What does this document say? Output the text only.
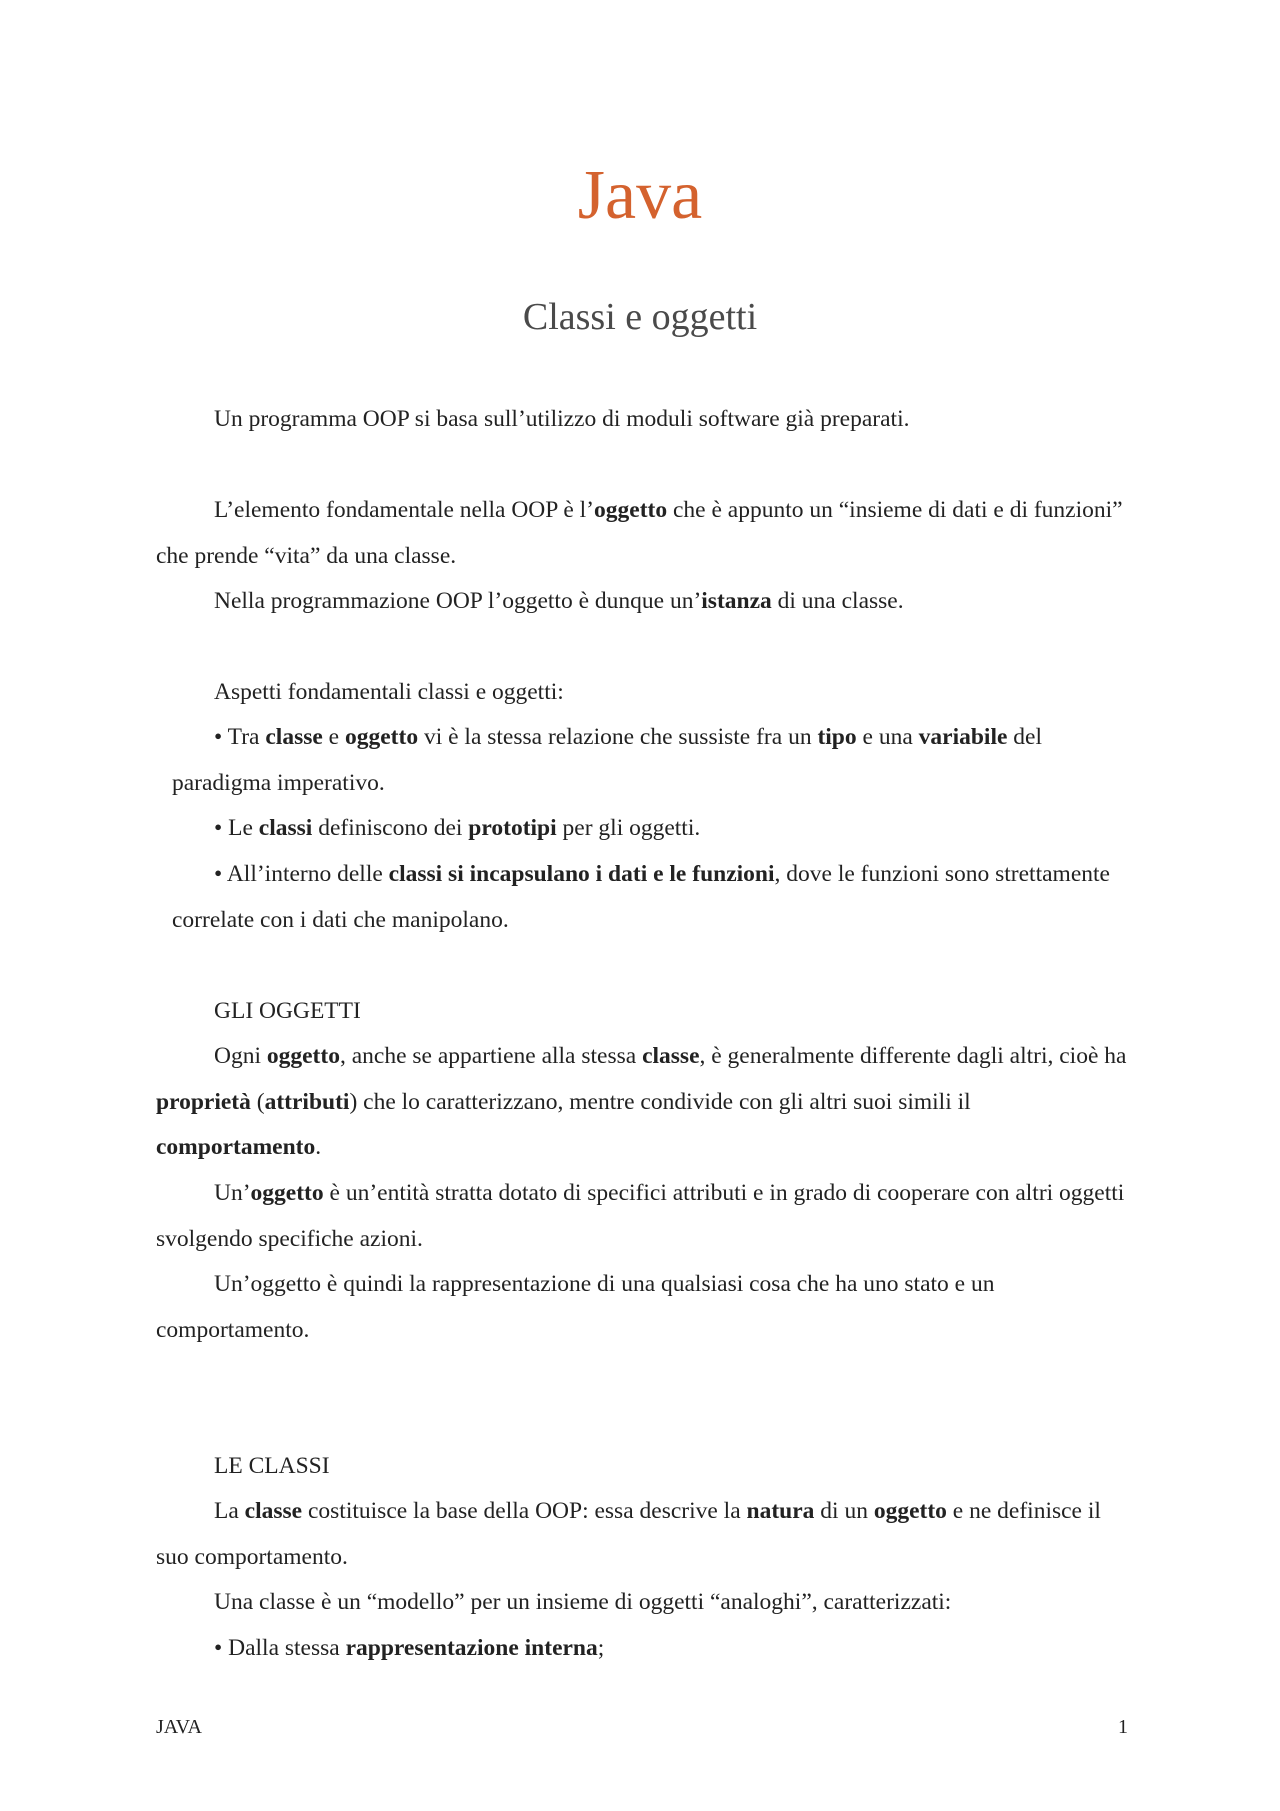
Java
Classi e oggetti

Un programma OOP si basa sull’utilizzo di moduli software già preparati.

L’elemento fondamentale nella OOP è l’oggetto che è appunto un “insieme di dati e di funzioni” che prende “vita” da una classe.

Nella programmazione OOP l’oggetto è dunque un’istanza di una classe.

Aspetti fondamentali classi e oggetti:

• Tra classe e oggetto vi è la stessa relazione che sussiste fra un tipo e una variabile del paradigma imperativo.

• Le classi definiscono dei prototipi per gli oggetti.

• All’interno delle classi si incapsulano i dati e le funzioni, dove le funzioni sono strettamente correlate con i dati che manipolano.

GLI OGGETTI

Ogni oggetto, anche se appartiene alla stessa classe, è generalmente differente dagli altri, cioè ha proprietà (attributi) che lo caratterizzano, mentre condivide con gli altri suoi simili il comportamento.

Un’oggetto è un’entità stratta dotato di specifici attributi e in grado di cooperare con altri oggetti svolgendo specifiche azioni.

Un’oggetto è quindi la rappresentazione di una qualsiasi cosa che ha uno stato e un comportamento.

LE CLASSI

La classe costituisce la base della OOP: essa descrive la natura di un oggetto e ne definisce il suo comportamento.

Una classe è un “modello” per un insieme di oggetti “analoghi”, caratterizzati:

• Dalla stessa rappresentazione interna;

JAVA	1
